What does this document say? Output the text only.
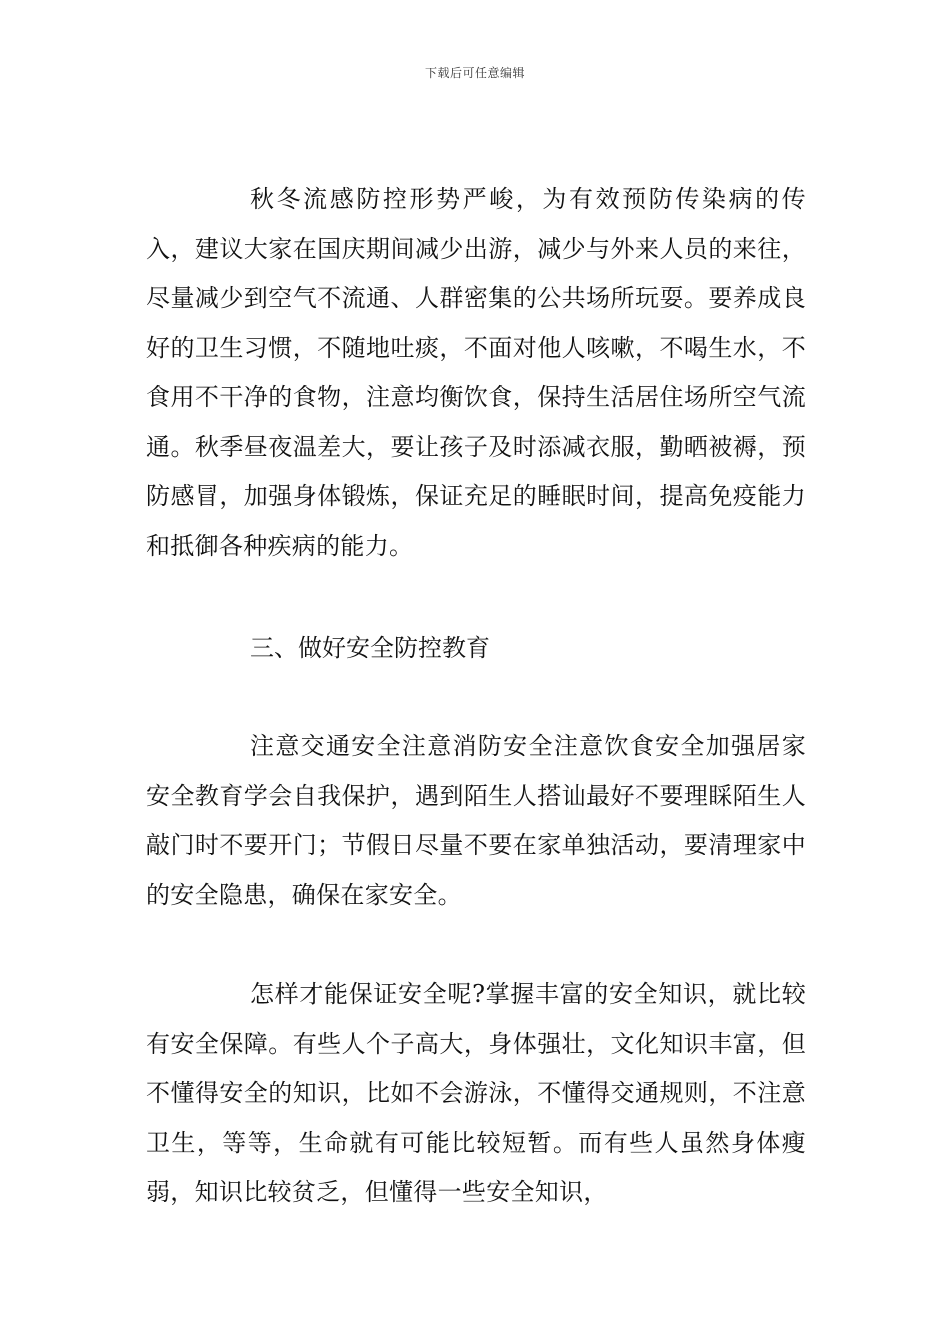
下载后可任意编辑

秋冬流感防控形势严峻，为有效预防传染病的传入，建议大家在国庆期间减少出游，减少与外来人员的来往，尽量减少到空气不流通、人群密集的公共场所玩耍。要养成良好的卫生习惯，不随地吐痰，不面对他人咳嗽，不喝生水，不食用不干净的食物，注意均衡饮食，保持生活居住场所空气流通。秋季昼夜温差大，要让孩子及时添减衣服，勤晒被褥，预防感冒，加强身体锻炼，保证充足的睡眠时间，提高免疫能力和抵御各种疾病的能力。

三、做好安全防控教育

注意交通安全注意消防安全注意饮食安全加强居家安全教育学会自我保护，遇到陌生人搭讪最好不要理睬陌生人敲门时不要开门；节假日尽量不要在家单独活动，要清理家中的安全隐患，确保在家安全。

怎样才能保证安全呢?掌握丰富的安全知识，就比较有安全保障。有些人个子高大，身体强壮，文化知识丰富，但不懂得安全的知识，比如不会游泳，不懂得交通规则，不注意卫生，等等，生命就有可能比较短暂。而有些人虽然身体瘦弱，知识比较贫乏，但懂得一些安全知识，
